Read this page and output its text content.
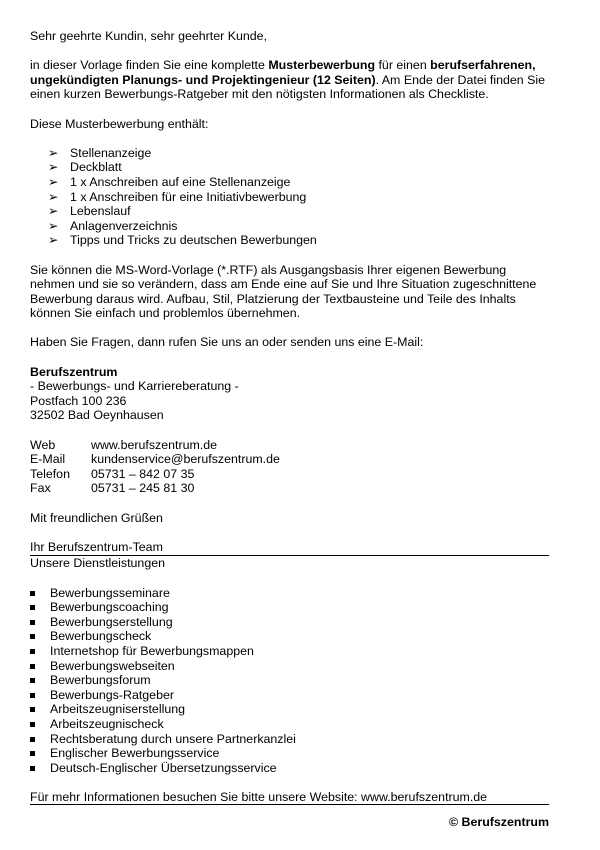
Sehr geehrte Kundin, sehr geehrter Kunde,

in dieser Vorlage finden Sie eine komplette Musterbewerbung für einen berufserfahrenen, ungekündigten Planungs- und Projektingenieur (12 Seiten). Am Ende der Datei finden Sie einen kurzen Bewerbungs-Ratgeber mit den nötigsten Informationen als Checkliste.

Diese Musterbewerbung enthält:

➢ Stellenanzeige
➢ Deckblatt
➢ 1 x Anschreiben auf eine Stellenanzeige
➢ 1 x Anschreiben für eine Initiativbewerbung
➢ Lebenslauf
➢ Anlagenverzeichnis
➢ Tipps und Tricks zu deutschen Bewerbungen

Sie können die MS-Word-Vorlage (*.RTF) als Ausgangsbasis Ihrer eigenen Bewerbung nehmen und sie so verändern, dass am Ende eine auf Sie und Ihre Situation zugeschnittene Bewerbung daraus wird. Aufbau, Stil, Platzierung der Textbausteine und Teile des Inhalts können Sie einfach und problemlos übernehmen.

Haben Sie Fragen, dann rufen Sie uns an oder senden uns eine E-Mail:

Berufszentrum

- Bewerbungs- und Karriereberatung -

Postfach 100 236

32502 Bad Oeynhausen

Web	www.berufszentrum.de
E-Mail	kundenservice@berufszentrum.de
Telefon	05731 – 842 07 35
Fax	05731 – 245 81 30

Mit freundlichen Grüßen

Ihr Berufszentrum-Team

Unsere Dienstleistungen

Bewerbungsseminare
Bewerbungscoaching
Bewerbungserstellung
Bewerbungscheck
Internetshop für Bewerbungsmappen
Bewerbungswebseiten
Bewerbungsforum
Bewerbungs-Ratgeber
Arbeitszeugniserstellung
Arbeitszeugnischeck
Rechtsberatung durch unsere Partnerkanzlei
Englischer Bewerbungsservice
Deutsch-Englischer Übersetzungsservice

Für mehr Informationen besuchen Sie bitte unsere Website: www.berufszentrum.de

© Berufszentrum
